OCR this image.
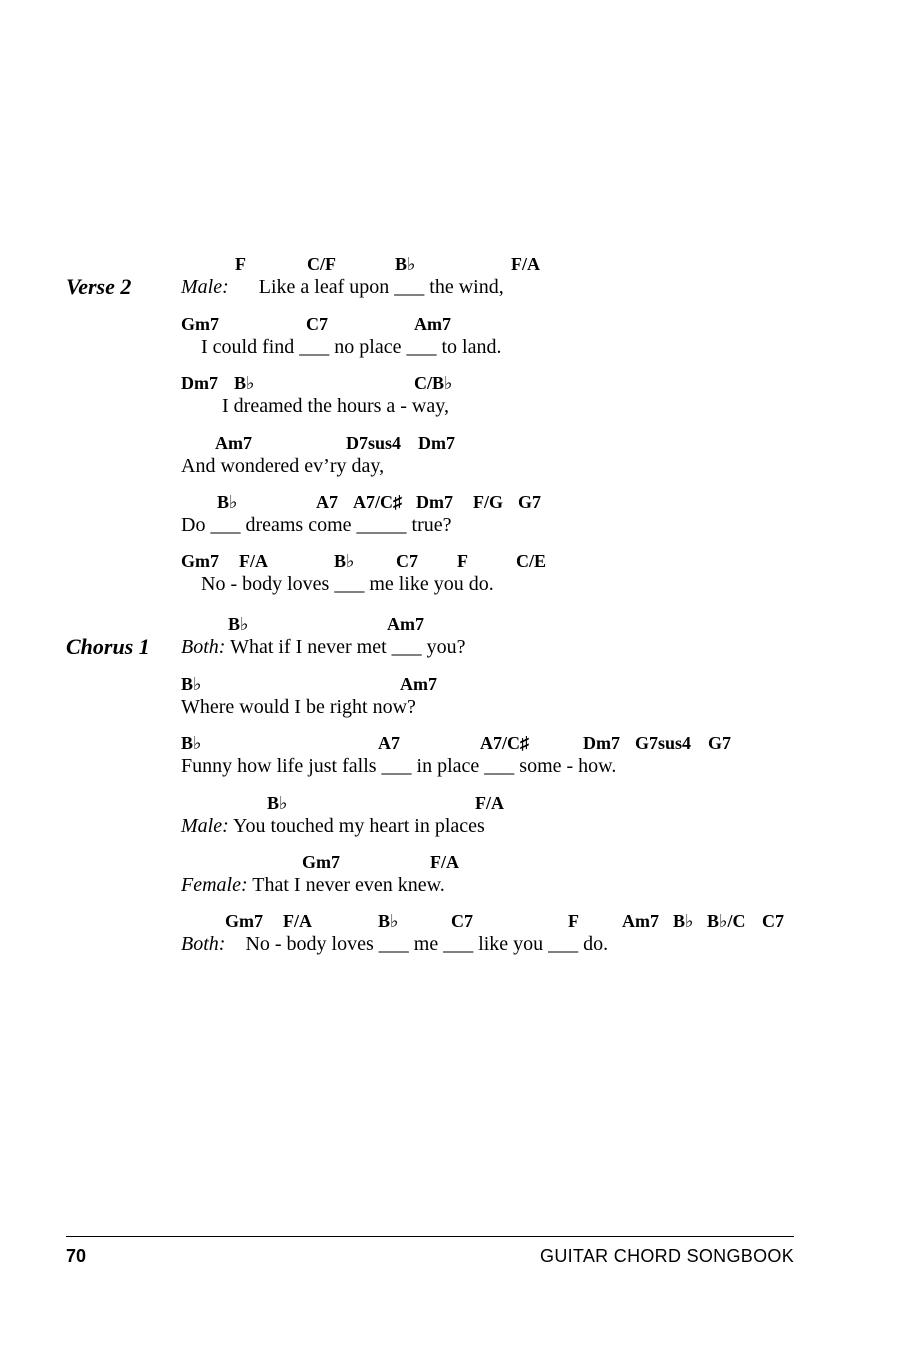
Verse 2
Chorus 1
F	C/F	B♭	F/A
Male: Like a leaf upon ___ the wind,
Gm7	C7	Am7
I could find ___ no place ___ to land.
Dm7 B♭	C/B♭
I dreamed the hours a - way,
Am7	D7sus4 Dm7
And wondered ev’ry day,
B♭	A7 A7/C♯ Dm7 F/G G7
Do ___ dreams come _____ true?
Gm7 F/A	B♭ C7 F	C/E
No - body loves ___ me like you do.
B♭	Am7
Both: What if I never met ___ you?
B♭	Am7
Where would I be right now?
B♭	A7	A7/C♯	Dm7 G7sus4 G7
Funny how life just falls ___ in place ___ some - how.
B♭	F/A
Male: You touched my heart in places
Gm7	F/A
Female: That I never even knew.
Gm7 F/A	B♭	C7	F Am7 B♭ B♭/C C7
Both: No - body loves ___ me ___ like you ___ do.
70	GUITAR CHORD SONGBOOK
